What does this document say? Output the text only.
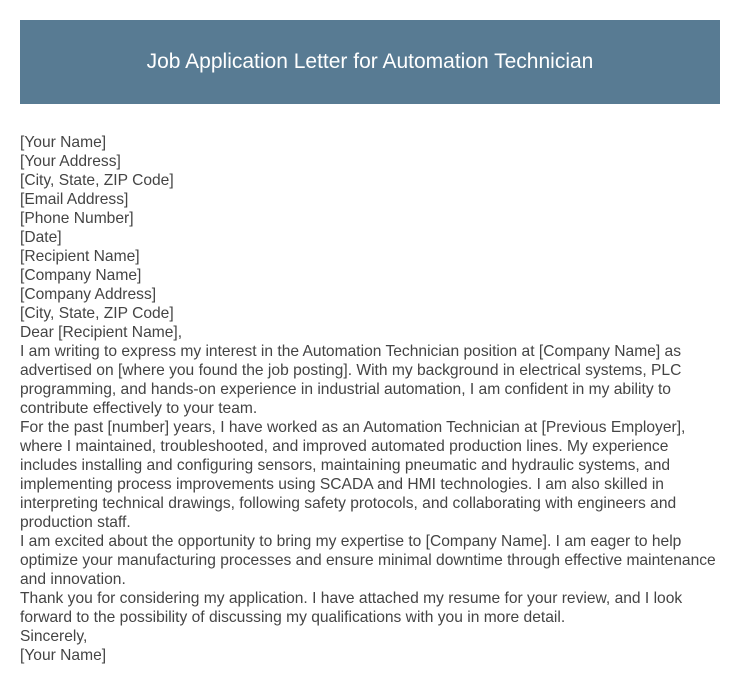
Job Application Letter for Automation Technician

[Your Name]

[Your Address]

[City, State, ZIP Code]

[Email Address]

[Phone Number]

[Date]

[Recipient Name]

[Company Name]

[Company Address]

[City, State, ZIP Code]

Dear [Recipient Name],

I am writing to express my interest in the Automation Technician position at [Company Name] as advertised on [where you found the job posting]. With my background in electrical systems, PLC programming, and hands-on experience in industrial automation, I am confident in my ability to contribute effectively to your team.

For the past [number] years, I have worked as an Automation Technician at [Previous Employer], where I maintained, troubleshooted, and improved automated production lines. My experience includes installing and configuring sensors, maintaining pneumatic and hydraulic systems, and implementing process improvements using SCADA and HMI technologies. I am also skilled in interpreting technical drawings, following safety protocols, and collaborating with engineers and production staff.

I am excited about the opportunity to bring my expertise to [Company Name]. I am eager to help optimize your manufacturing processes and ensure minimal downtime through effective maintenance and innovation.

Thank you for considering my application. I have attached my resume for your review, and I look forward to the possibility of discussing my qualifications with you in more detail.

Sincerely,

[Your Name]
